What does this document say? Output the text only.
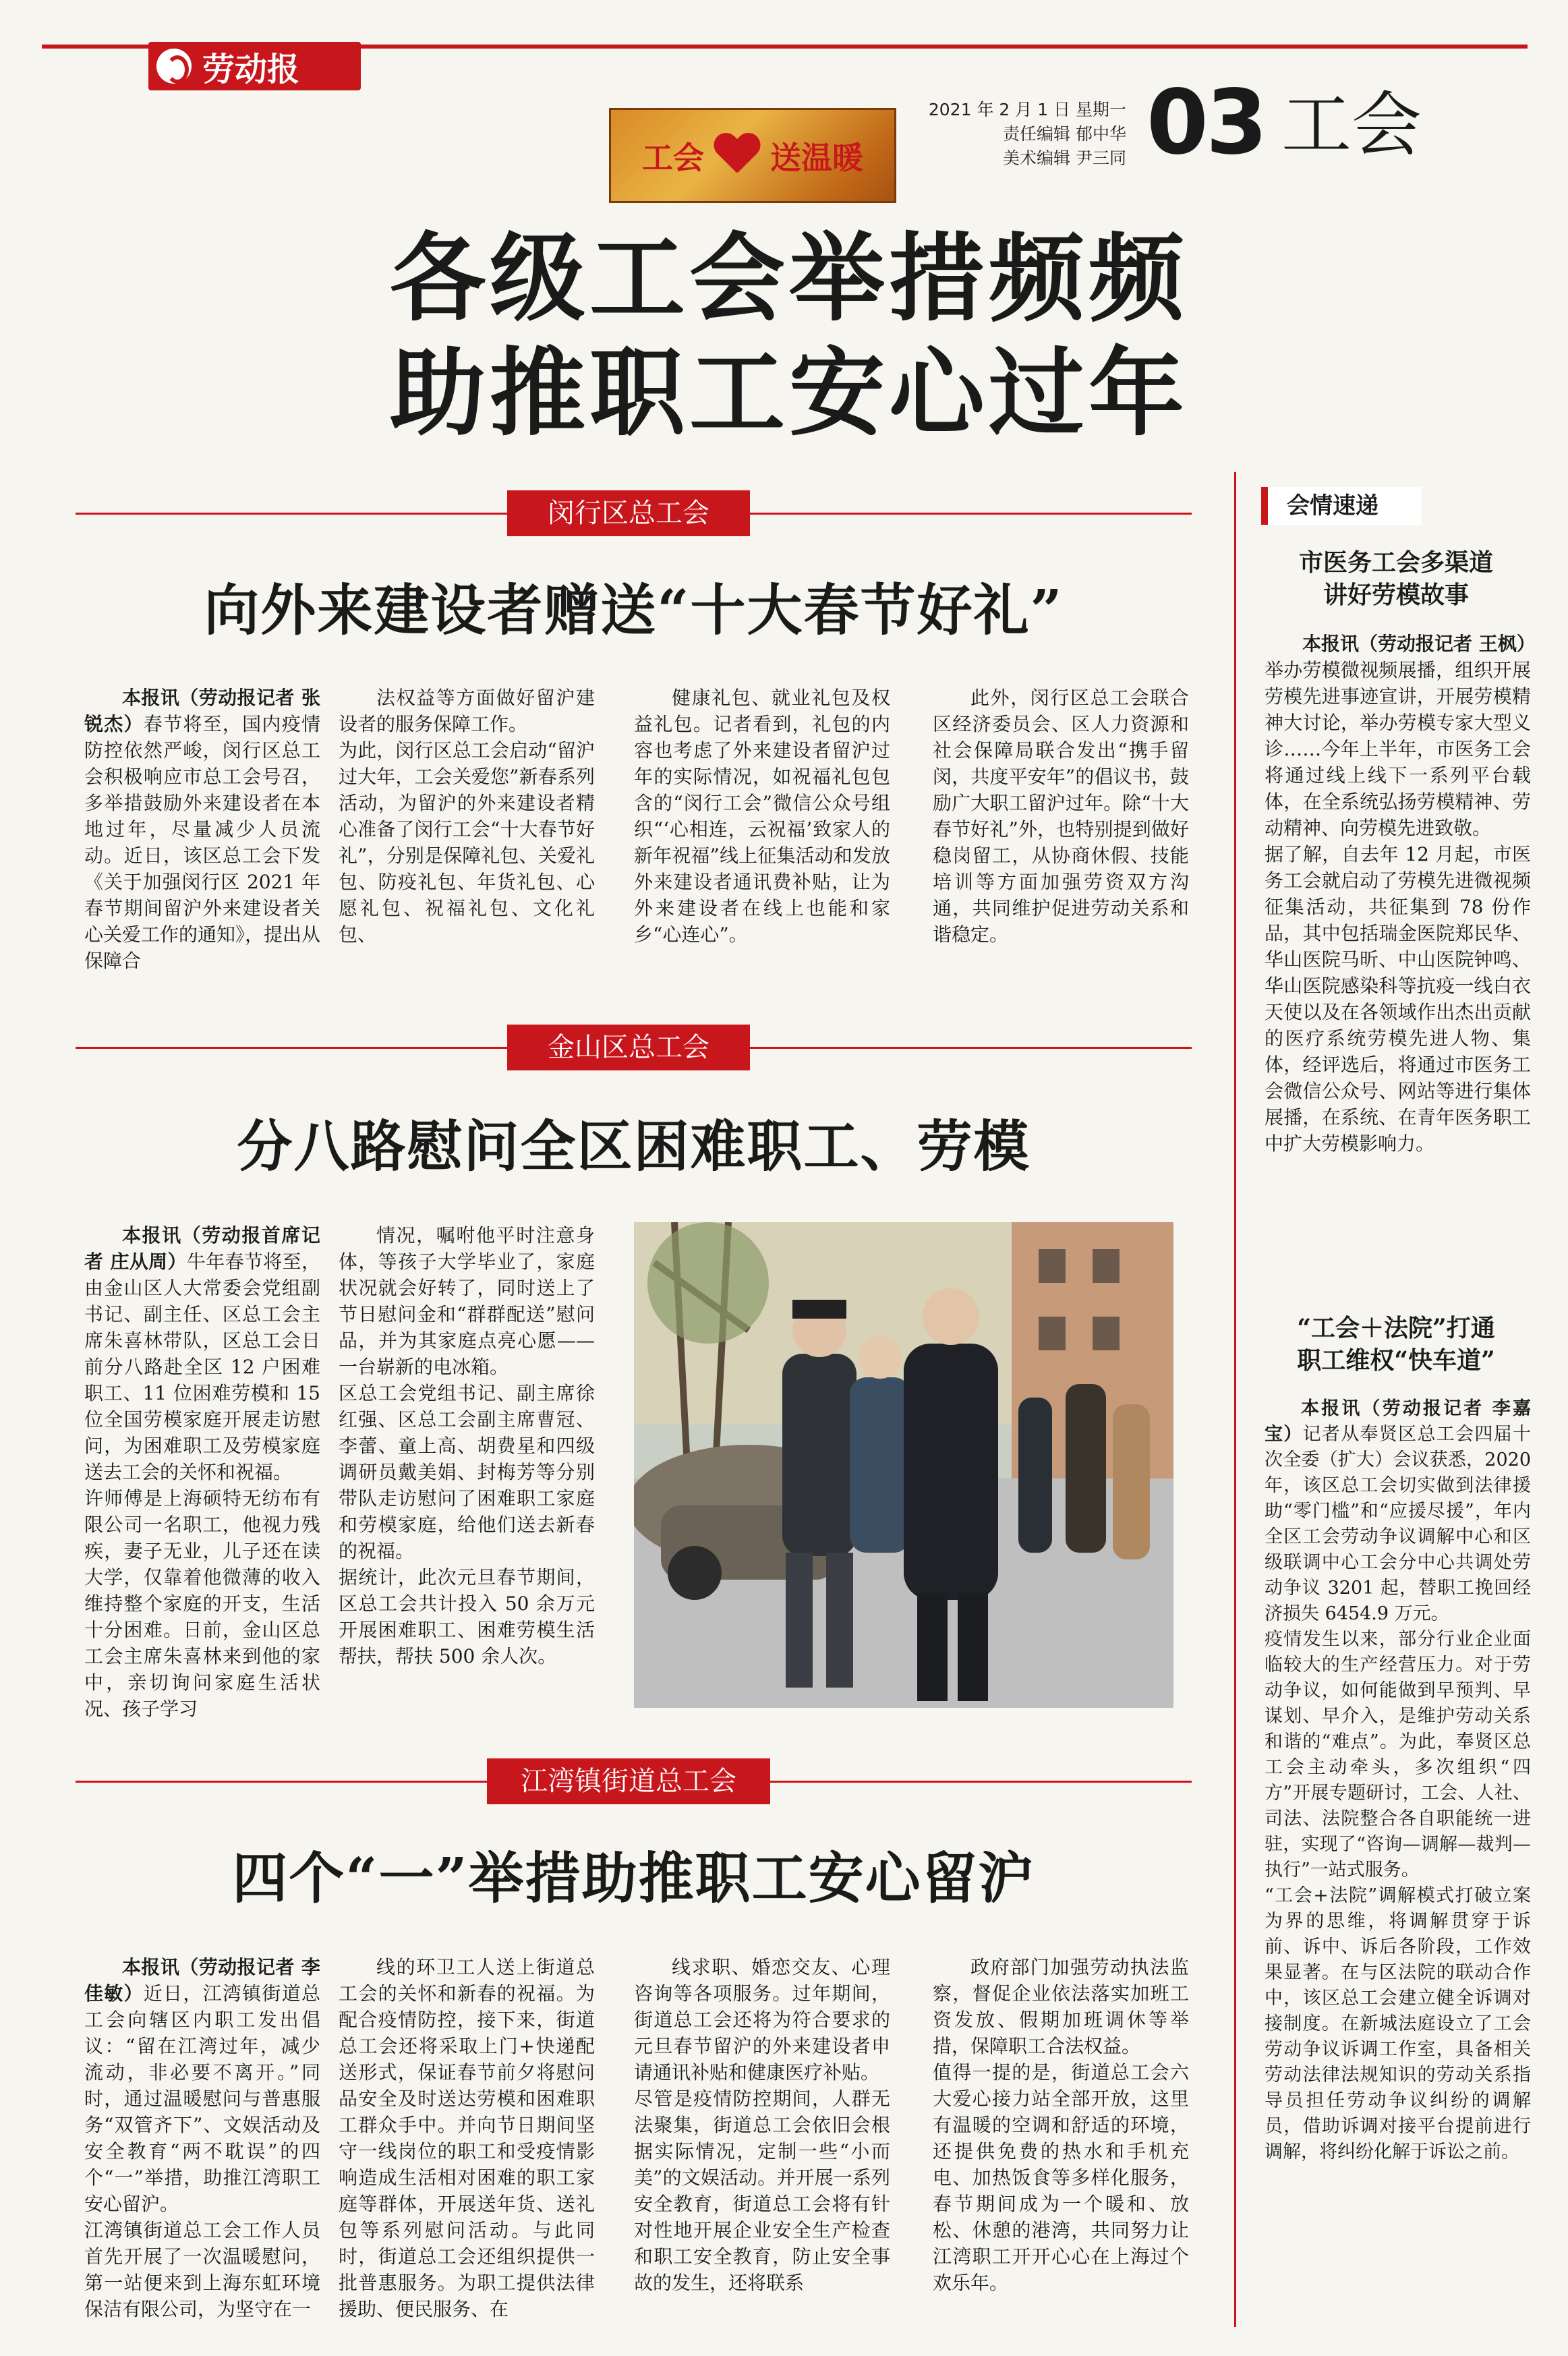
劳动报
工会 送温暖
2021 年 2 月 1 日 星期一
责任编辑 郁中华
美术编辑 尹三同 03 工会
各级工会举措频频
助推职工安心过年
闵行区总工会
向外来建设者赠送“十大春节好礼”

本报讯（劳动报记者 张锐杰）春节将至，国内疫情防控依然严峻，闵行区总工会积极响应市总工会号召，多举措鼓励外来建设者在本地过年，尽量减少人员流动。近日，该区总工会下发《关于加强闵行区 2021 年春节期间留沪外来建设者关心关爱工作的通知》，提出从保障合

法权益等方面做好留沪建设者的服务保障工作。
为此，闵行区总工会启动“留沪过大年，工会关爱您”新春系列活动，为留沪的外来建设者精心准备了闵行工会“十大春节好礼”，分别是保障礼包、关爱礼包、防疫礼包、年货礼包、心愿礼包、祝福礼包、文化礼包、

健康礼包、就业礼包及权益礼包。记者看到，礼包的内容也考虑了外来建设者留沪过年的实际情况，如祝福礼包包含的“闵行工会”微信公众号组织“‘心相连，云祝福’致家人的新年祝福”线上征集活动和发放外来建设者通讯费补贴，让为外来建设者在线上也能和家乡“心连心”。

此外，闵行区总工会联合区经济委员会、区人力资源和社会保障局联合发出“携手留闵，共度平安年”的倡议书，鼓励广大职工留沪过年。除“十大春节好礼”外，也特别提到做好稳岗留工，从协商休假、技能培训等方面加强劳资双方沟通，共同维护促进劳动关系和谐稳定。

金山区总工会
分八路慰问全区困难职工、劳模
本报讯（劳动报首席记者 庄从周）牛年春节将至，由金山区人大常委会党组副书记、副主任、区总工会主席朱喜林带队，区总工会日前分八路赴全区 12 户困难职工、11 位困难劳模和 15 位全国劳模家庭开展走访慰问，为困难职工及劳模家庭送去工会的关怀和祝福。
许师傅是上海硕特无纺布有限公司一名职工，他视力残疾，妻子无业，儿子还在读大学，仅靠着他微薄的收入维持整个家庭的开支，生活十分困难。日前，金山区总工会主席朱喜林来到他的家中，亲切询问家庭生活状况、孩子学习
情况，嘱咐他平时注意身体，等孩子大学毕业了，家庭状况就会好转了，同时送上了节日慰问金和“群群配送”慰问品，并为其家庭点亮心愿——一台崭新的电冰箱。
区总工会党组书记、副主席徐红强、区总工会副主席曹冠、李蕾、童上高、胡费星和四级调研员戴美娟、封梅芳等分别带队走访慰问了困难职工家庭和劳模家庭，给他们送去新春的祝福。
据统计，此次元旦春节期间，区总工会共计投入 50 余万元开展困难职工、困难劳模生活帮扶，帮扶 500 余人次。
江湾镇街道总工会
四个“一”举措助推职工安心留沪
本报讯（劳动报记者 李佳敏）近日，江湾镇街道总工会向辖区内职工发出倡议：“留在江湾过年，减少流动，非必要不离开。”同时，通过温暖慰问与普惠服务“双管齐下”、文娱活动及安全教育“两不耽误”的四个“一”举措，助推江湾职工安心留沪。
江湾镇街道总工会工作人员首先开展了一次温暖慰问，第一站便来到上海东虹环境保洁有限公司，为坚守在一
线的环卫工人送上街道总工会的关怀和新春的祝福。为配合疫情防控，接下来，街道总工会还将采取上门+快递配送形式，保证春节前夕将慰问品安全及时送达劳模和困难职工群众手中。并向节日期间坚守一线岗位的职工和受疫情影响造成生活相对困难的职工家庭等群体，开展送年货、送礼包等系列慰问活动。与此同时，街道总工会还组织提供一批普惠服务。为职工提供法律援助、便民服务、在
线求职、婚恋交友、心理咨询等各项服务。过年期间，街道总工会还将为符合要求的元旦春节留沪的外来建设者申请通讯补贴和健康医疗补贴。
尽管是疫情防控期间，人群无法聚集，街道总工会依旧会根据实际情况，定制一些“小而美”的文娱活动。并开展一系列安全教育，街道总工会将有针对性地开展企业安全生产检查和职工安全教育，防止安全事故的发生，还将联系
政府部门加强劳动执法监察，督促企业依法落实加班工资发放、假期加班调休等举措，保障职工合法权益。
值得一提的是，街道总工会六大爱心接力站全部开放，这里有温暖的空调和舒适的环境，还提供免费的热水和手机充电、加热饭食等多样化服务，春节期间成为一个暖和、放松、休憩的港湾，共同努力让江湾职工开开心心在上海过个欢乐年。
会情速递
市医务工会多渠道
讲好劳模故事
本报讯（劳动报记者 王枫）举办劳模微视频展播，组织开展劳模先进事迹宣讲，开展劳模精神大讨论，举办劳模专家大型义诊……今年上半年，市医务工会将通过线上线下一系列平台载体，在全系统弘扬劳模精神、劳动精神、向劳模先进致敬。
据了解，自去年 12 月起，市医务工会就启动了劳模先进微视频征集活动，共征集到 78 份作品，其中包括瑞金医院郑民华、华山医院马昕、中山医院钟鸣、华山医院感染科等抗疫一线白衣天使以及在各领域作出杰出贡献的医疗系统劳模先进人物、集体，经评选后，将通过市医务工会微信公众号、网站等进行集体展播，在系统、在青年医务职工中扩大劳模影响力。
“工会＋法院”打通
职工维权“快车道”
本报讯（劳动报记者 李嘉宝）记者从奉贤区总工会四届十次全委（扩大）会议获悉，2020 年，该区总工会切实做到法律援助“零门槛”和“应援尽援”，年内全区工会劳动争议调解中心和区级联调中心工会分中心共调处劳动争议 3201 起，替职工挽回经济损失 6454.9 万元。
疫情发生以来，部分行业企业面临较大的生产经营压力。对于劳动争议，如何能做到早预判、早谋划、早介入，是维护劳动关系和谐的“难点”。为此，奉贤区总工会主动牵头，多次组织“四方”开展专题研讨，工会、人社、司法、法院整合各自职能统一进驻，实现了“咨询—调解—裁判—执行”一站式服务。
“工会+法院”调解模式打破立案为界的思维，将调解贯穿于诉前、诉中、诉后各阶段，工作效果显著。在与区法院的联动合作中，该区总工会建立健全诉调对接制度。在新城法庭设立了工会劳动争议诉调工作室，具备相关劳动法律法规知识的劳动关系指导员担任劳动争议纠纷的调解员，借助诉调对接平台提前进行调解，将纠纷化解于诉讼之前。
